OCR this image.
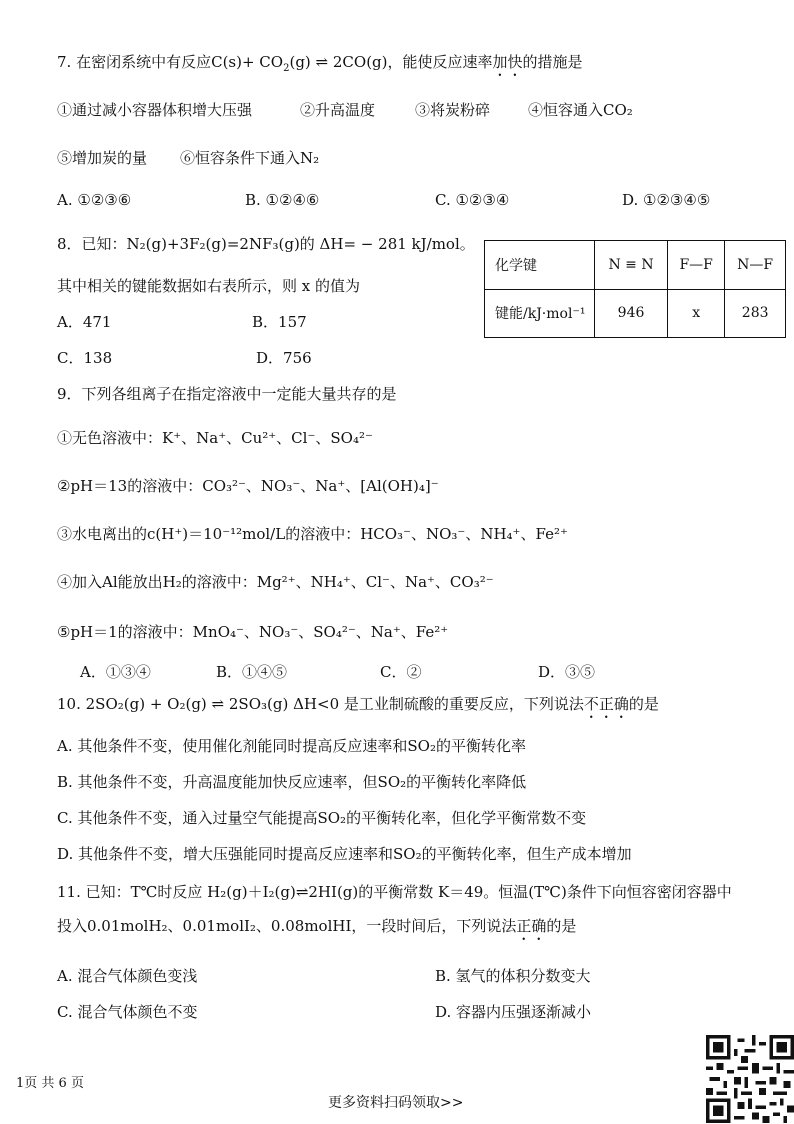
7. 在密闭系统中有反应$C(s)+ CO_2(g)$ ⇌ 2CO(g)，能使反应速率加快的措施是
①通过减小容器体积增大压强	②升高温度	③将炭粉碎	④恒容通入CO₂
⑤增加炭的量 ⑥恒容条件下通入N₂
A. ①②③⑥	B. ①②④⑥	C. ①②③④	D. ①②③④⑤
8．已知：N₂(g)+3F₂(g)=2NF₃(g)的 ΔH= − 281 kJ/mol。
其中相关的键能数据如右表所示，则 x 的值为
A．471	B．157
C．138	D．756
化学键	N ≡ N	F—F	N—F
键能/kJ·mol⁻¹	946	x	283
9．下列各组离子在指定溶液中一定能大量共存的是
①无色溶液中：K⁺、Na⁺、Cu²⁺、Cl⁻、SO₄²⁻
②pH＝13的溶液中：CO₃²⁻、NO₃⁻、Na⁺、[Al(OH)₄]⁻
③水电离出的c(H⁺)＝10⁻¹²mol/L的溶液中：HCO₃⁻、NO₃⁻、NH₄⁺、Fe²⁺
④加入Al能放出H₂的溶液中：Mg²⁺、NH₄⁺、Cl⁻、Na⁺、CO₃²⁻
⑤pH＝1的溶液中：MnO₄⁻、NO₃⁻、SO₄²⁻、Na⁺、Fe²⁺
A．①③④	B．①④⑤	C．②	D．③⑤
10. 2SO₂(g) + O₂(g) ⇌ 2SO₃(g) ΔH<0 是工业制硫酸的重要反应，下列说法不正确的是
A. 其他条件不变，使用催化剂能同时提高反应速率和SO₂的平衡转化率
B. 其他条件不变，升高温度能加快反应速率，但SO₂的平衡转化率降低
C. 其他条件不变，通入过量空气能提高SO₂的平衡转化率，但化学平衡常数不变
D. 其他条件不变，增大压强能同时提高反应速率和SO₂的平衡转化率，但生产成本增加
11. 已知：T℃时反应 H₂(g)＋I₂(g)⇌2HI(g)的平衡常数 K＝49。恒温(T℃)条件下向恒容密闭容器中
投入0.01molH₂、0.01molI₂、0.08molHI，一段时间后，下列说法正确的是
A. 混合气体颜色变浅	B. 氢气的体积分数变大
C. 混合气体颜色不变	D. 容器内压强逐渐减小
1页 共 6 页
更多资料扫码领取>>
